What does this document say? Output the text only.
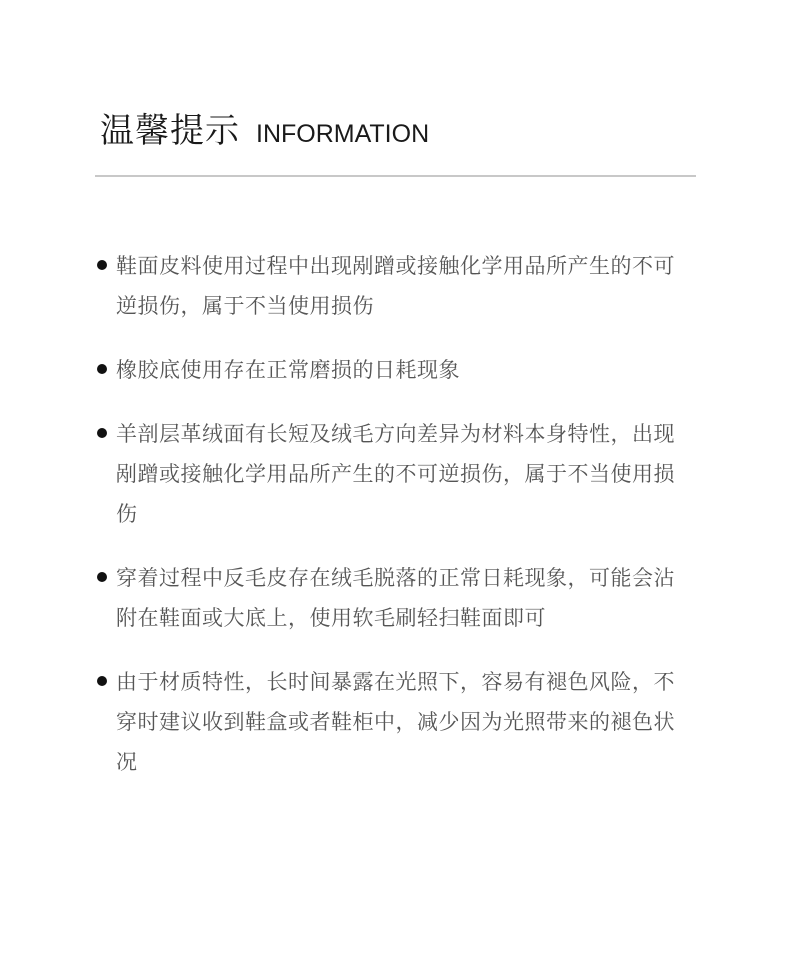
温馨提示 INFORMATION
鞋面皮料使用过程中出现剐蹭或接触化学用品所产生的不可逆损伤，属于不当使用损伤
橡胶底使用存在正常磨损的日耗现象
羊剖层革绒面有长短及绒毛方向差异为材料本身特性，出现剐蹭或接触化学用品所产生的不可逆损伤，属于不当使用损伤
穿着过程中反毛皮存在绒毛脱落的正常日耗现象，可能会沾附在鞋面或大底上，使用软毛刷轻扫鞋面即可
由于材质特性，长时间暴露在光照下，容易有褪色风险，不穿时建议收到鞋盒或者鞋柜中，减少因为光照带来的褪色状况
